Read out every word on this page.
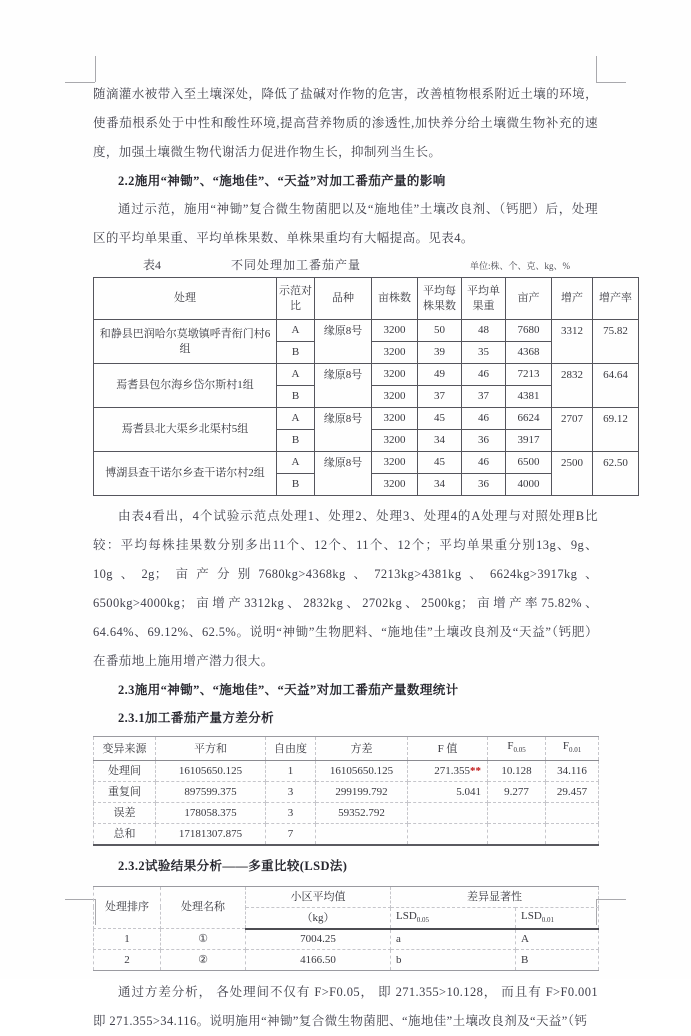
随滴灌水被带入至土壤深处，降低了盐碱对作物的危害，改善植物根系附近土壤的环境，使番茄根系处于中性和酸性环境,提高营养物质的渗透性,加快养分给土壤微生物补充的速度，加强土壤微生物代谢活力促进作物生长，抑制列当生长。

2.2施用“神锄”、“施地佳”、“天益”对加工番茄产量的影响

通过示范，施用“神锄”复合微生物菌肥以及“施地佳”土壤改良剂、（钙肥）后，处理区的平均单果重、平均单株果数、单株果重均有大幅提高。见表4。

表4	不同处理加工番茄产量	单位:株、个、克、kg、%
处理	示范对比	品种	亩株数	平均每株果数	平均单果重	亩产	增产	增产率
和静县巴润哈尔莫墩镇呼青衔门村6组	A	缘原8号	3200	50	48	7680	3312	75.82
	B		3200	39	35	4368		
焉耆县包尔海乡岱尔斯村1组	A	缘原8号	3200	49	46	7213	2832	64.64
	B		3200	37	37	4381		
焉耆县北大渠乡北渠村5组	A	缘原8号	3200	45	46	6624	2707	69.12
	B		3200	34	36	3917		
博湖县查干诺尔乡查干诺尔村2组	A	缘原8号	3200	45	46	6500	2500	62.50
	B		3200	34	36	4000		

由表4看出，4个试验示范点处理1、处理2、处理3、处理4的A处理与对照处理B比较：平均每株挂果数分别多出11个、12个、11个、12个；平均单果重分别13g、9g、10g、2g；亩产分别7680kg>4368kg、7213kg>4381kg、6624kg>3917kg、6500kg>4000kg；亩增产3312kg、2832kg、2702kg、2500kg；亩增产率75.82%、64.64%、69.12%、62.5%。说明“神锄”生物肥料、“施地佳”土壤改良剂及“天益”（钙肥）在番茄地上施用增产潜力很大。

2.3施用“神锄”、“施地佳”、“天益”对加工番茄产量数理统计
2.3.1加工番茄产量方差分析
变异来源	平方和	自由度	方差	F 值	$F_{0.05}$	$F_{0.01}$
处理间	16105650.125	1	16105650.125	271.355**	10.128	34.116
重复间	897599.375	3	299199.792	5.041	9.277	29.457
误差	178058.375	3	59352.792			
总和	17181307.875	7				
2.3.2试验结果分析——多重比较(LSD法)
处理排序	处理名称	小区平均值	差异显著性	
		（kg）	$LSD_{0.05}$	$LSD_{0.01}$
1	①	7004.25	a	A
2	②	4166.50	b	B

通过方差分析， 各处理间不仅有 F>F0.05， 即 271.355>10.128， 而且有 F>F0.001 即 271.355>34.116。说明施用“神锄”复合微生物菌肥、“施地佳”土壤改良剂及“天益”（钙
